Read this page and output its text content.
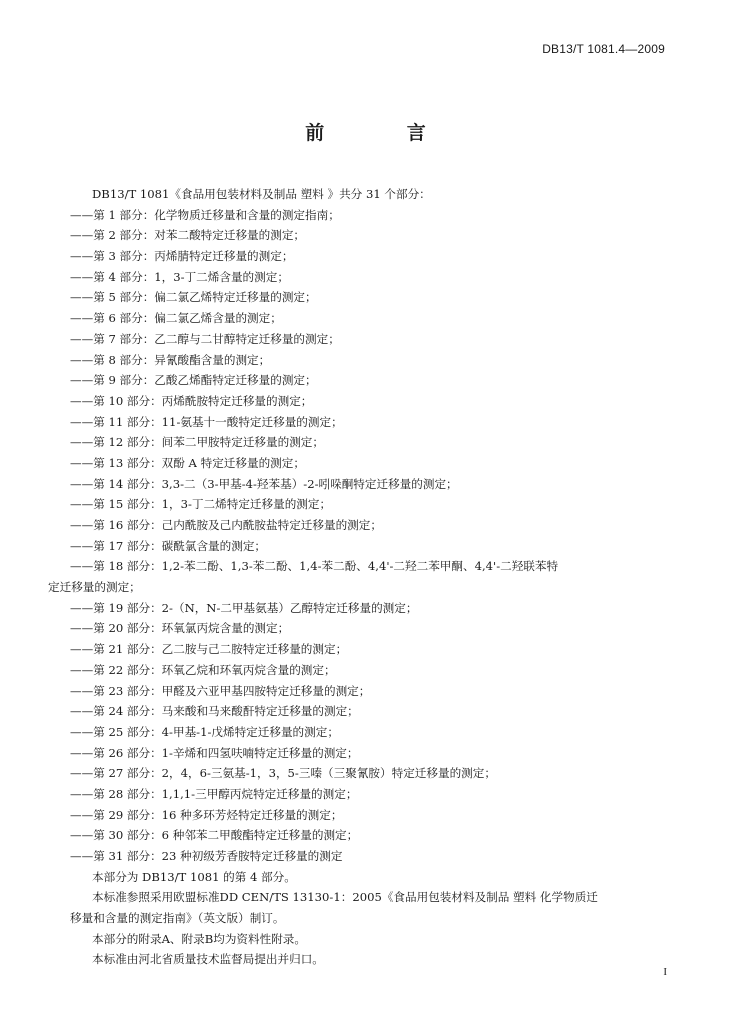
DB13/T 1081.4—2009
前 言
DB13/T 1081《食品用包装材料及制品 塑料 》共分 31 个部分：
——第 1 部分：化学物质迁移量和含量的测定指南；
——第 2 部分：对苯二酸特定迁移量的测定；
——第 3 部分：丙烯腈特定迁移量的测定；
——第 4 部分：1，3-丁二烯含量的测定；
——第 5 部分：偏二氯乙烯特定迁移量的测定；
——第 6 部分：偏二氯乙烯含量的测定；
——第 7 部分：乙二醇与二甘醇特定迁移量的测定；
——第 8 部分：异氰酸酯含量的测定；
——第 9 部分：乙酸乙烯酯特定迁移量的测定；
——第 10 部分：丙烯酰胺特定迁移量的测定；
——第 11 部分：11-氨基十一酸特定迁移量的测定；
——第 12 部分：间苯二甲胺特定迁移量的测定；
——第 13 部分：双酚 A 特定迁移量的测定；
——第 14 部分：3,3-二（3-甲基-4-羟苯基）-2-吲哚酮特定迁移量的测定；
——第 15 部分：1，3-丁二烯特定迁移量的测定；
——第 16 部分：己内酰胺及己内酰胺盐特定迁移量的测定；
——第 17 部分：碳酰氯含量的测定；
——第 18 部分：1,2-苯二酚、1,3-苯二酚、1,4-苯二酚、4,4'-二羟二苯甲酮、4,4'-二羟联苯特
定迁移量的测定；
——第 19 部分：2-（N，N-二甲基氨基）乙醇特定迁移量的测定；
——第 20 部分：环氧氯丙烷含量的测定；
——第 21 部分：乙二胺与己二胺特定迁移量的测定；
——第 22 部分：环氧乙烷和环氧丙烷含量的测定；
——第 23 部分：甲醛及六亚甲基四胺特定迁移量的测定；
——第 24 部分：马来酸和马来酸酐特定迁移量的测定；
——第 25 部分：4-甲基-1-戊烯特定迁移量的测定；
——第 26 部分：1-辛烯和四氢呋喃特定迁移量的测定；
——第 27 部分：2，4，6-三氨基-1，3，5-三嗪（三聚氰胺）特定迁移量的测定；
——第 28 部分：1,1,1-三甲醇丙烷特定迁移量的测定；
——第 29 部分：16 种多环芳烃特定迁移量的测定；
——第 30 部分：6 种邻苯二甲酸酯特定迁移量的测定；
——第 31 部分：23 种初级芳香胺特定迁移量的测定
本部分为 DB13/T 1081 的第 4 部分。
本标准参照采用欧盟标准DD CEN/TS 13130-1：2005《食品用包装材料及制品 塑料 化学物质迁
移量和含量的测定指南》（英文版）制订。
本部分的附录A、附录B均为资料性附录。
本标准由河北省质量技术监督局提出并归口。
I
